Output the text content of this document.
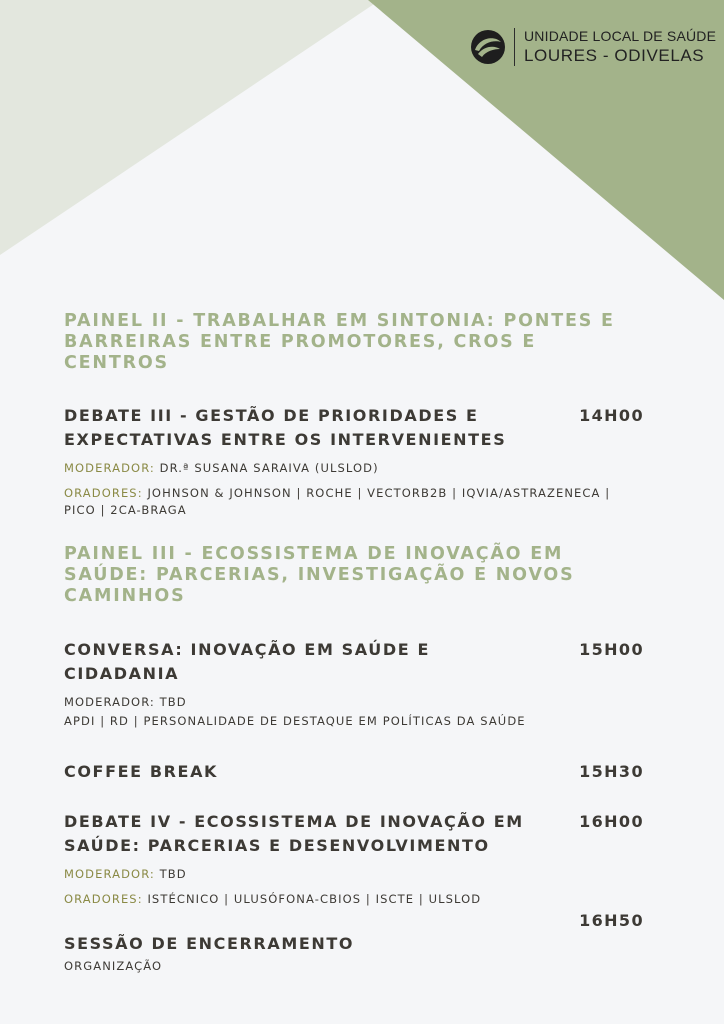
UNIDADE LOCAL DE SAÚDE
LOURES - ODIVELAS
PAINEL II - TRABALHAR EM SINTONIA: PONTES E BARREIRAS ENTRE PROMOTORES, CROS E CENTROS
DEBATE III - GESTÃO DE PRIORIDADES E EXPECTATIVAS ENTRE OS INTERVENIENTES
14H00
MODERADOR: DR.ª SUSANA SARAIVA (ULSLOD)
ORADORES: JOHNSON & JOHNSON | ROCHE | VECTORB2B | IQVIA/ASTRAZENECA | PICO | 2CA-BRAGA
PAINEL III - ECOSSISTEMA DE INOVAÇÃO EM SAÚDE: PARCERIAS, INVESTIGAÇÃO E NOVOS CAMINHOS
CONVERSA: INOVAÇÃO EM SAÚDE E CIDADANIA
15H00
MODERADOR: TBD
APDI | RD | PERSONALIDADE DE DESTAQUE EM POLÍTICAS DA SAÚDE
COFFEE BREAK	15H30
DEBATE IV - ECOSSISTEMA DE INOVAÇÃO EM SAÚDE: PARCERIAS E DESENVOLVIMENTO
16H00
MODERADOR: TBD
ORADORES: ISTÉCNICO | ULUSÓFONA-CBIOS | ISCTE | ULSLOD
16H50
SESSÃO DE ENCERRAMENTO
ORGANIZAÇÃO
